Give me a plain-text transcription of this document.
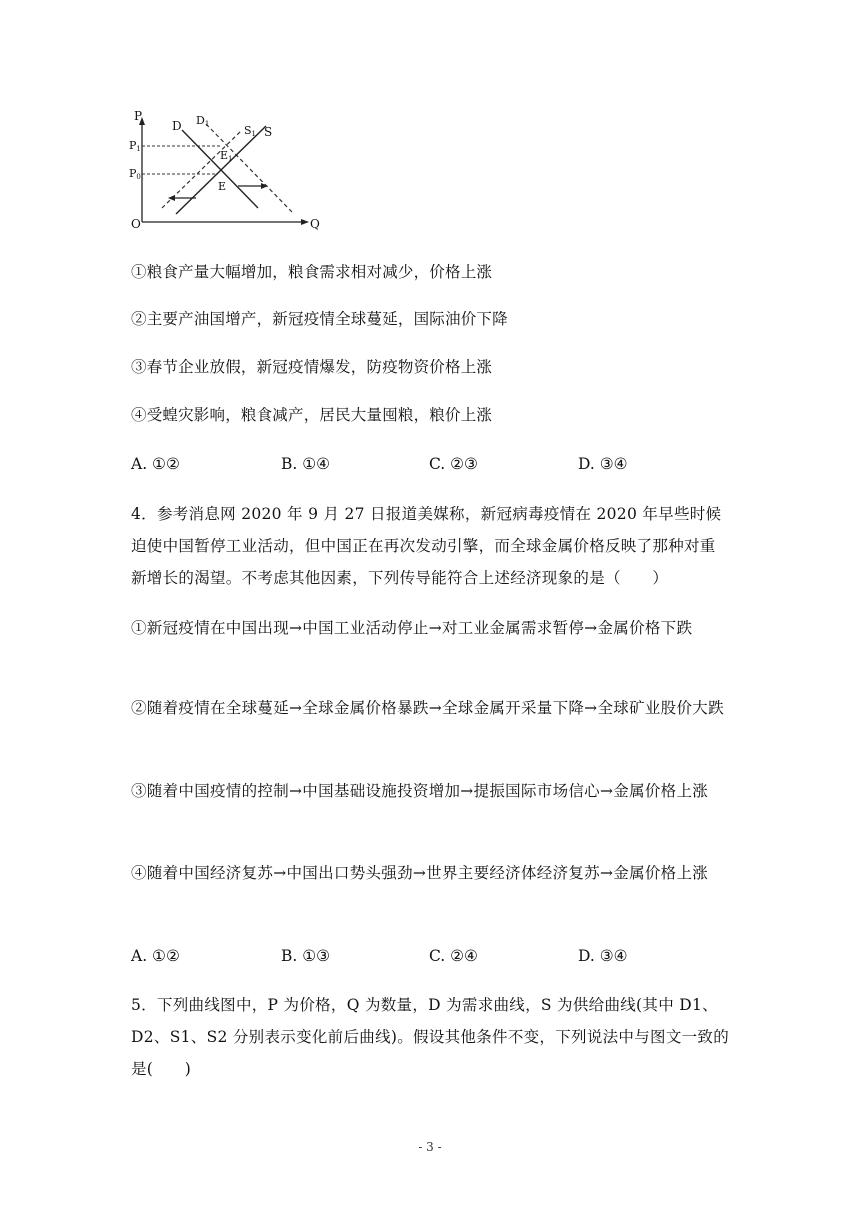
P
P1
P0
O	Q
D D1	S1 S
E1
E
①粮食产量大幅增加，粮食需求相对减少，价格上涨
②主要产油国增产，新冠疫情全球蔓延，国际油价下降
③春节企业放假，新冠疫情爆发，防疫物资价格上涨
④受蝗灾影响，粮食减产，居民大量囤粮，粮价上涨
A. ①②	B. ①④	C. ②③	D. ③④
4．参考消息网 2020 年 9 月 27 日报道美媒称，新冠病毒疫情在 2020 年早些时候迫使中国暂停工业活动，但中国正在再次发动引擎，而全球金属价格反映了那种对重新增长的渴望。不考虑其他因素，下列传导能符合上述经济现象的是（　　）
①新冠疫情在中国出现→中国工业活动停止→对工业金属需求暂停→金属价格下跌
②随着疫情在全球蔓延→全球金属价格暴跌→全球金属开采量下降→全球矿业股价大跌
③随着中国疫情的控制→中国基础设施投资增加→提振国际市场信心→金属价格上涨
④随着中国经济复苏→中国出口势头强劲→世界主要经济体经济复苏→金属价格上涨
A. ①②	B. ①③	C. ②④	D. ③④
5．下列曲线图中，P 为价格，Q 为数量，D 为需求曲线，S 为供给曲线(其中 D1、D2、S1、S2 分别表示变化前后曲线)。假设其他条件不变，下列说法中与图文一致的是(　　)
- 3 -
